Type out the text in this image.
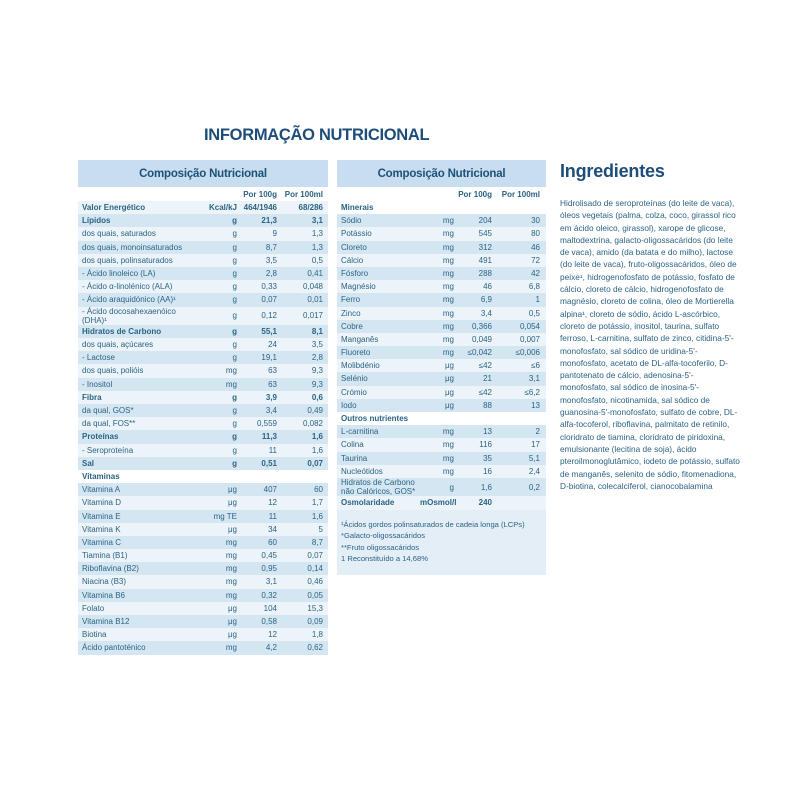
INFORMAÇÃO NUTRICIONAL
Composição Nutricional
Por 100g Por 100ml
Valor Energético	Kcal/kJ 464/1946	68/286
Lípidos	g	21,3	3,1
dos quais, saturados	g	9	1,3
dos quais, monoinsaturados	g	8,7	1,3
dos quais, polinsaturados	g	3,5	0,5
- Ácido linoleico (LA)	g	2,8	0,41
- Ácido α-linolénico (ALA)	g	0,33	0,048
- Ácido araquidónico (AA)¹	g	0,07	0,01
- Ácido docosahexaenóico (DHA)¹
g	0,12	0,017
Hidratos de Carbono	g	55,1	8,1
dos quais, açúcares	g	24	3,5
- Lactose	g	19,1	2,8
dos quais, polióis	mg	63	9,3
- Inositol	mg	63	9,3
Fibra	g	3,9	0,6
da qual, GOS*	g	3,4	0,49
da qual, FOS**	g	0,559	0,082
Proteínas	g	11,3	1,6
- Seroproteína	g	11	1,6
Sal	g	0,51	0,07
Vitaminas
Vitamina A	μg	407	60
Vitamina D	μg	12	1,7
Vitamina E	mg TE	11	1,6
Vitamina K	μg	34	5
Vitamina C	mg	60	8,7
Tiamina (B1)	mg	0,45	0,07
Riboflavina (B2)	mg	0,95	0,14
Niacina (B3)	mg	3,1	0,46
Vitamina B6	mg	0,32	0,05
Folato	μg	104	15,3
Vitamina B12	μg	0,58	0,09
Biotina	μg	12	1,8
Ácido pantoténico	mg	4,2	0,62
Composição Nutricional
Por 100g	Por 100ml
Minerais
Sódio	mg	204	30
Potássio	mg	545	80
Cloreto	mg	312	46
Cálcio	mg	491	72
Fósforo	mg	288	42
Magnésio	mg	46	6,8
Ferro	mg	6,9	1
Zinco	mg	3,4	0,5
Cobre	mg	0,366	0,054
Manganês	mg	0,049	0,007
Fluoreto	mg	≤0,042	≤0,006
Molibdénio	μg	≤42	≤6
Selénio	μg	21	3,1
Crómio	μg	≤42	≤6,2
Iodo	μg	88	13
Outros nutrientes
L-carnitina	mg	13	2
Colina	mg	116	17
Taurina	mg	35	5,1
Nucleótidos	mg	16	2,4
Hidratos de Carbono não Calóricos, GOS*
g	1,6	0,2
Osmolaridade	mOsmol/l	240
¹Ácidos gordos polinsaturados de cadeia longa (LCPs)
*Galacto-oligossacáridos
**Fruto oligossacáridos
1 Reconstituído a 14,68%
Ingredientes

Hidrolisado de seroproteínas (do leite de vaca), óleos vegetais (palma, colza, coco, girassol rico em ácido oleico, girassol), xarope de glicose, maltodextrina, galacto-oligossacáridos (do leite de vaca), amido (da batata e do milho), lactose (do leite de vaca), fruto-oligossacáridos, óleo de peixe¹, hidrogenofosfato de potássio, fosfato de cálcio, cloreto de cálcio, hidrogenofosfato de magnésio, cloreto de colina, óleo de Mortierella alpina¹, cloreto de sódio, ácido L-ascórbico, cloreto de potássio, inositol, taurina, sulfato ferroso, L-carnitina, sulfato de zinco, citidina-5'-monofosfato, sal sódico de uridina-5'-monofosfato, acetato de DL-alfa-tocoferilo, D-pantotenato de cálcio, adenosina-5'-monofosfato, sal sódico de inosina-5'-monofosfato, nicotinamida, sal sódico de guanosina-5'-monofosfato, sulfato de cobre, DL-alfa-tocoferol, riboflavina, palmitato de retinilo, cloridrato de tiamina, cloridrato de piridoxina, emulsionante (lecitina de soja), ácido pteroilmonoglutâmico, iodeto de potássio, sulfato de manganês, selenito de sódio, fitomenadiona, D-biotina, colecalciferol, cianocobalamina
